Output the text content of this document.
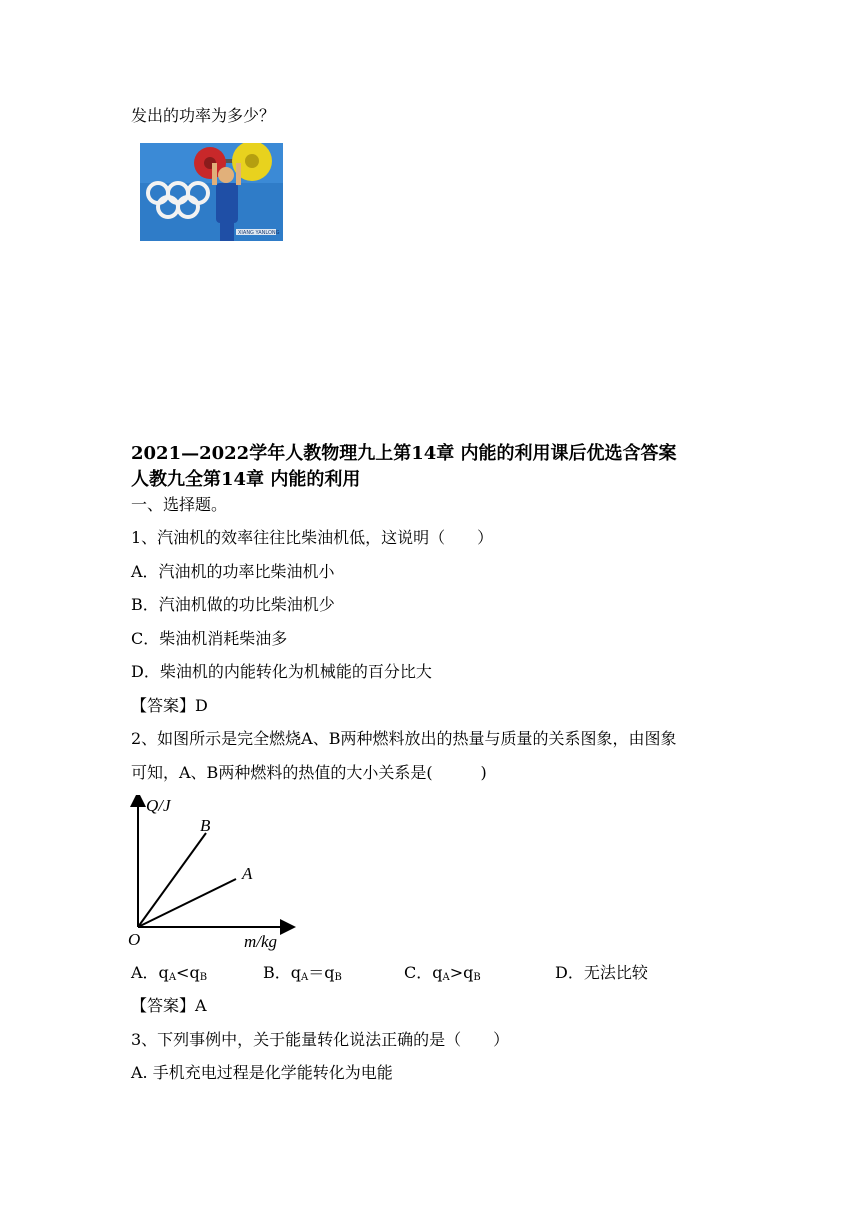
发出的功率为多少？
XIANG YANLONG
2021—2022学年人教物理九上第14章 内能的利用课后优选含答案
人教九全第14章 内能的利用
一、选择题。
1、汽油机的效率往往比柴油机低，这说明（　　）
A．汽油机的功率比柴油机小
B．汽油机做的功比柴油机少
C．柴油机消耗柴油多
D．柴油机的内能转化为机械能的百分比大
【答案】D
2、如图所示是完全燃烧A、B两种燃料放出的热量与质量的关系图象，由图象
可知，A、B两种燃料的热值的大小关系是(　　　)
Q/J
m/kg
O
B
A
A．$q_A<q_B$	B．$q_A=q_B$	C．$q_A>q_B$	D．无法比较
【答案】A
3、下列事例中，关于能量转化说法正确的是（　　）
A. 手机充电过程是化学能转化为电能
